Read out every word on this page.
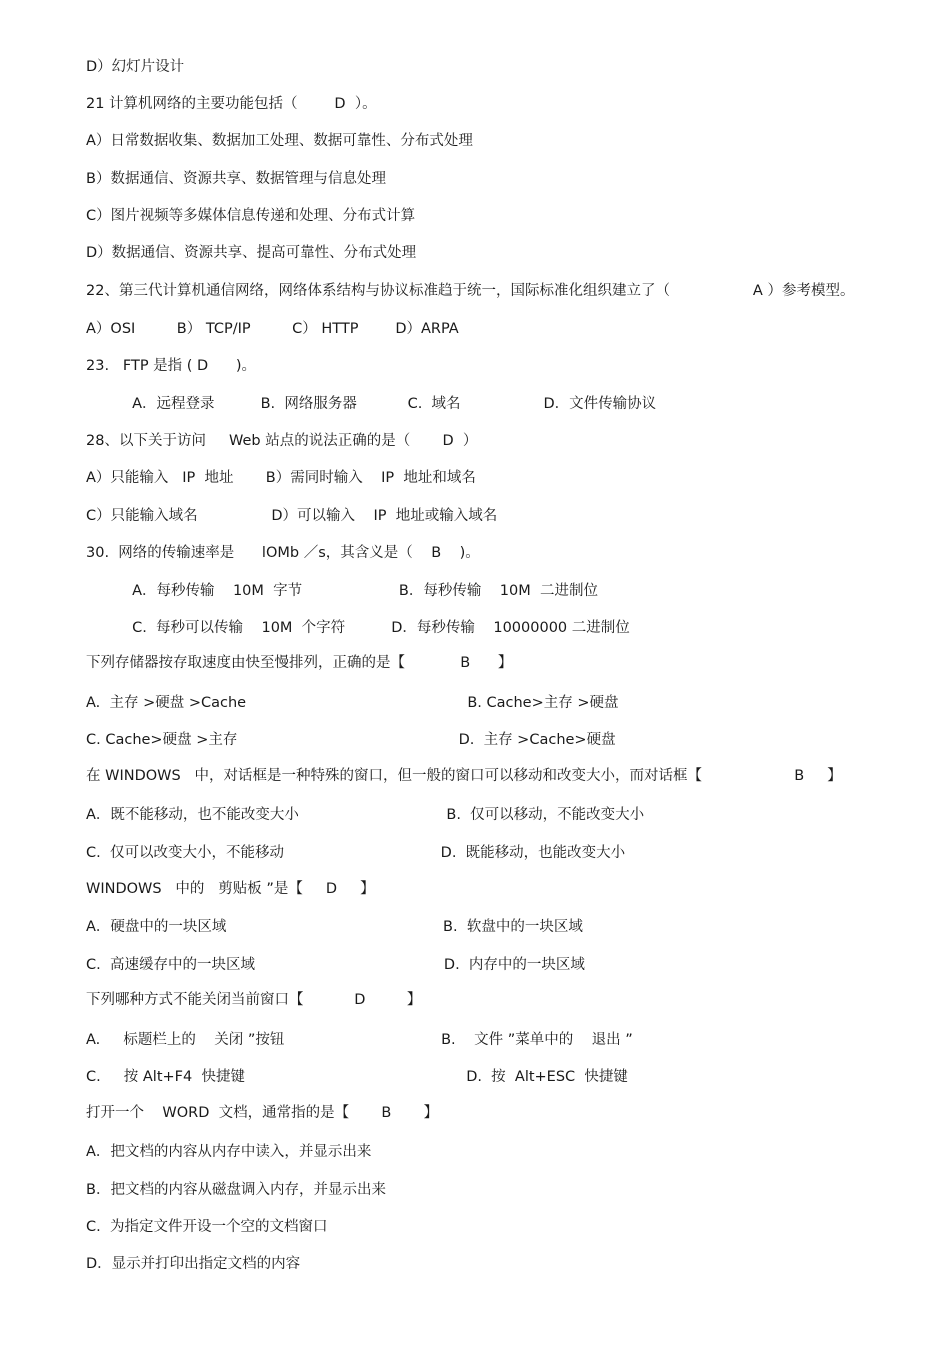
D）幻灯片设计
21 计算机网络的主要功能包括（        D  ）。
A）日常数据收集、数据加工处理、数据可靠性、分布式处理
B）数据通信、资源共享、数据管理与信息处理
C）图片视频等多媒体信息传递和处理、分布式计算
D）数据通信、资源共享、提高可靠性、分布式处理
22、第三代计算机通信网络，网络体系结构与协议标准趋于统一，国际标准化组织建立了（                  A ）参考模型。
A）OSI         B） TCP/IP         C） HTTP        D）ARPA
23.   FTP 是指 ( D      )。
A．远程登录          B.  网络服务器           C.  域名                  D．文件传输协议
28、以下关于访问     Web 站点的说法正确的是（       D  ）
A）只能输入   IP  地址       B）需同时输入    IP  地址和域名
C）只能输入域名                D）可以输入    IP  地址或输入域名
30.  网络的传输速率是      lOMb ／s，其含义是（    B    )。
A．每秒传输    10M  字节                     B．每秒传输    10M  二进制位
C.  每秒可以传输    10M  个字符          D．每秒传输    10000000 二进制位
下列存储器按存取速度由快至慢排列，正确的是【            B      】
A.  主存 >硬盘 >Cache                                                B. Cache>主存 >硬盘
C. Cache>硬盘 >主存                                                D.  主存 >Cache>硬盘
在 WINDOWS   中，对话框是一种特殊的窗口，但一般的窗口可以移动和改变大小，而对话框【                    B     】
A．既不能移动，也不能改变大小                                B.  仅可以移动，不能改变大小
C.  仅可以改变大小，不能移动                                  D.  既能移动，也能改变大小
WINDOWS   中的   剪贴板 ”是【     D     】
A．硬盘中的一块区域                                               B.  软盘中的一块区域
C.  高速缓存中的一块区域                                         D.  内存中的一块区域
下列哪种方式不能关闭当前窗口【           D         】
A.     标题栏上的    关闭 ”按钮                                  B.    文件 ”菜单中的    退出 ”
C.     按 Alt+F4  快捷键                                                D.  按  Alt+ESC  快捷键
打开一个    WORD  文档，通常指的是【       B       】
A．把文档的内容从内存中读入，并显示出来
B．把文档的内容从磁盘调入内存，并显示出来
C.  为指定文件开设一个空的文档窗口
D．显示并打印出指定文档的内容
